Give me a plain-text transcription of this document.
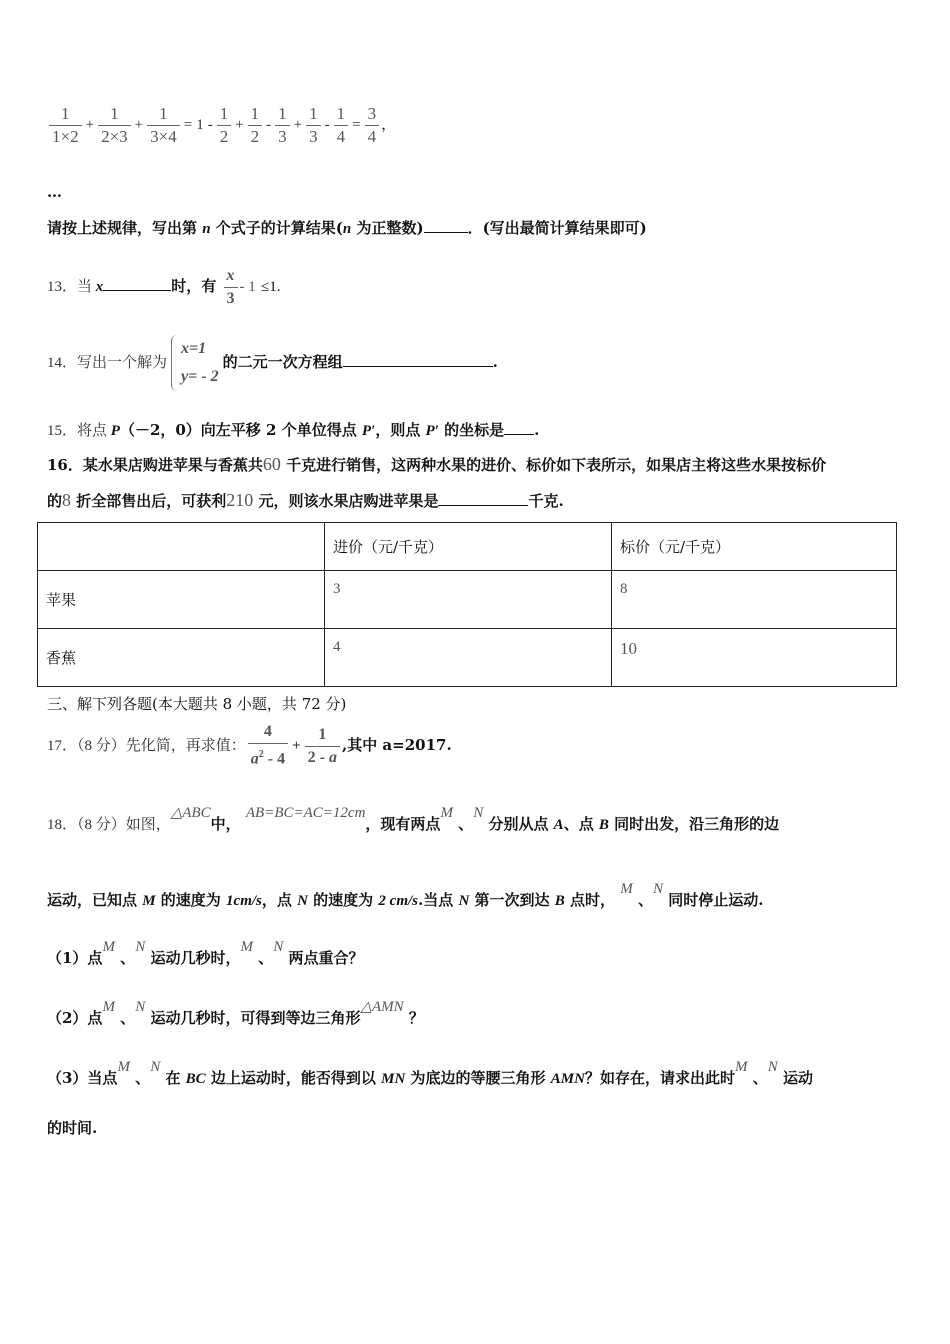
$\frac{1}{1\times 2} + \frac{1}{2\times 3} + \frac{1}{3\times 4} = 1 - \frac{1}{2} + \frac{1}{2} - \frac{1}{3} + \frac{1}{3} - \frac{1}{4} = \frac{3}{4}$ ，
…
请按上述规律，写出第 n 个式子的计算结果(n 为正整数)	．(写出最简计算结果即可)
13．当 x	时，有 $\frac{x}{3} - 1 \le 1$.
14．写出一个解为
x=1
y= - 2
的二元一次方程组	.
15．将点 P（－2，0）向左平移 2 个单位得点 P′，则点 P′ 的坐标是 .
16．某水果店购进苹果与香蕉共60 千克进行销售，这两种水果的进价、标价如下表所示，如果店主将这些水果按标价
的8 折全部售出后，可获利210 元，则该水果店购进苹果是	千克.
	进价（元/千克）	标价（元/千克）
苹果	3	8
香蕉	4	10
三、解下列各题(本大题共 8 小题，共 72 分)
17．（8 分）先化简，再求值： $\frac{4}{a^2 - 4} + \frac{1}{2 - a}$ ,其中 a=2017.
18．（8 分）如图，△ABC中， AB=BC=AC=12cm，现有两点M 、N 分别从点 A、点 B 同时出发，沿三角形的边
运动，已知点 M 的速度为 1cm/s，点 N 的速度为 2 cm/s.当点 N 第一次到达 B 点时， M 、N 同时停止运动.
（1）点M 、N 运动几秒时，M 、N 两点重合？
（2）点M 、N 运动几秒时，可得到等边三角形△AMN ？
（3）当点M 、N 在 BC 边上运动时，能否得到以 MN 为底边的等腰三角形 AMN？如存在，请求出此时M 、N 运动
的时间.
